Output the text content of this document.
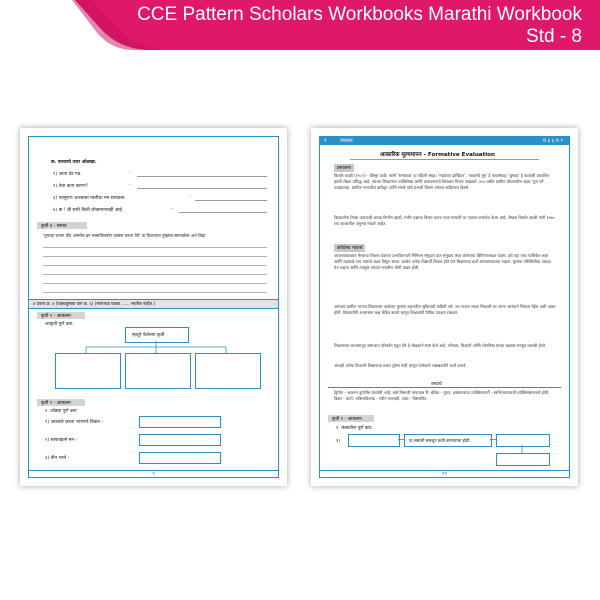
CCE Pattern Scholars Workbooks Marathi Workbook
Std - 8
क. फरकाचे उत्तर ओळखा.
१) आता देव गड.	-
२) तेथा काय कारण?	-
३) त्यानुरूप आश्वासा मालीचा मन सापडला.	-
४) बा ! बी सारी किती लोकमान्यवही आहे.	-
कृती ४ - स्वमत
'तुमच्या प्रभाग दीप अनमोल हन सामाजिकरोग व्यसना करता येते' या विधानाचा तुम्हांला समजलेला अर्थ लिहा.
४ उतारा क्र. ४ (पाठ्यपुस्तक पान क्र. ६) (मरणाच्या पकडा ...... भरतील नाहीत.)
कृती १ - आकलन
आकृती पूर्ण करा.
म्हातुरे फेलेल्या कृती
कृती १ - आकलन
१. जोड्या पूर्ण करा.
१) आठवले करता भारणारे विकार -
२) साफवहाने मन -
३) तीन भरने -
९
१	उपयात	य ३ ६ य १
आकारिक मूल्यमापन - Formative Evaluation
प्रस्तावना
किशोर काळी (१९८९) - ग्रीष्मुर कवी। त्यानी 'समकाळ' हा पहिली संग्रह। 'महदेच्या दाखिंहत', 'अवतरेचे सुर' हे कथासंग्रह। 'बुगवड' हे कादंबरी प्रकाशित झाली लेखन प्रसिद्ध आहे. त्यांच्या लिखाणात व्यक्तिरेखा आणि वातावरणाचे विलक्षण चित्रण आढळते. १०० वर्षांत ग्रामीण जीवनातील बदल 'गुल प्ले' व्यवहाराचा, ग्रामीण भागातील दारिद्र्य आणि संघर्ष यांचे प्रभावी चित्रण त्यांच्या साहित्यात दिसते.
विद्यार्थ्यांना निबंध वाचनाची आवड निर्माण व्हावी, गंभीर प्रश्नांचा विचार करता यावा यासाठी या पाठाचा समावेश केला आहे. लेखक किशोर काळी यांनी १९७० च्या काळातील अनुभव मांडले आहेत.
कवितेचा भावार्थ
आजच्याकाळात मेल्याचा शिक्षण देवराज प्रभाविरूपाने मिमित्रम् समुदाय हात समुदाय लहर कोणाच्या क्षितिजाजवळ पडला. इथे पहा एका पालिकेत शहर आणि राहताळे गाव यामध्ये बदल दिसून आला. शाळेत अनेक विद्यार्थी शिकत होते पण शिक्षणाचा दर्जा समाधानकारक नव्हता. मुलांना परिस्थितीचा अंदाज येत नव्हता आणि त्यामुळे त्यांच्या मनातील भीती वाढत होती.
आमच्या ग्रामीण भागात शिकायला आलेल्या मुलांना शहरातील सुविधांची माहिती नसे. जर गावात शाळा मिळाली तर त्यांना आनंदाने शिकता येईल अशी आशा होती. विद्यार्थ्यांनी अभ्यासात लक्ष केंद्रित करावे म्हणून शिक्षकांनी विविध उपक्रम राबवले.
शिक्षणाच्या माध्यमातून समाजात परिवर्तन घडून येते हे लेखकाने स्पष्ट केले आहे. परिश्रम, चिकाटी आणि ध्येयनिष्ठा यांच्या बळावर माणूस यशस्वी होतो.
आजही अनेक ठिकाणी शिक्षणाचा प्रसार पुरेसा नाही म्हणून प्रत्येकाने जबाबदारीने कार्य करावे.
शब्दार्थ
द्वितीय - आवरण दुर्गातील देशप्रेमी आहे; असे विस्तारी मायावाल रि. बंधिल - पुराद. इच्छेतरवाचा व्यक्तिसापर्ती - स्वभितरयालाची व्यक्तिसंबंधानाचे होती. विदार - वार्ता. भविष्यविल्लंड - गवीन मल्लाही. उत्त्वा - विस्थापित.
कृती १ - आकलन
१. कंसातील पूर्ण करा.
१)	या समाजी समजून कधी करणयाचा होती.
१९
